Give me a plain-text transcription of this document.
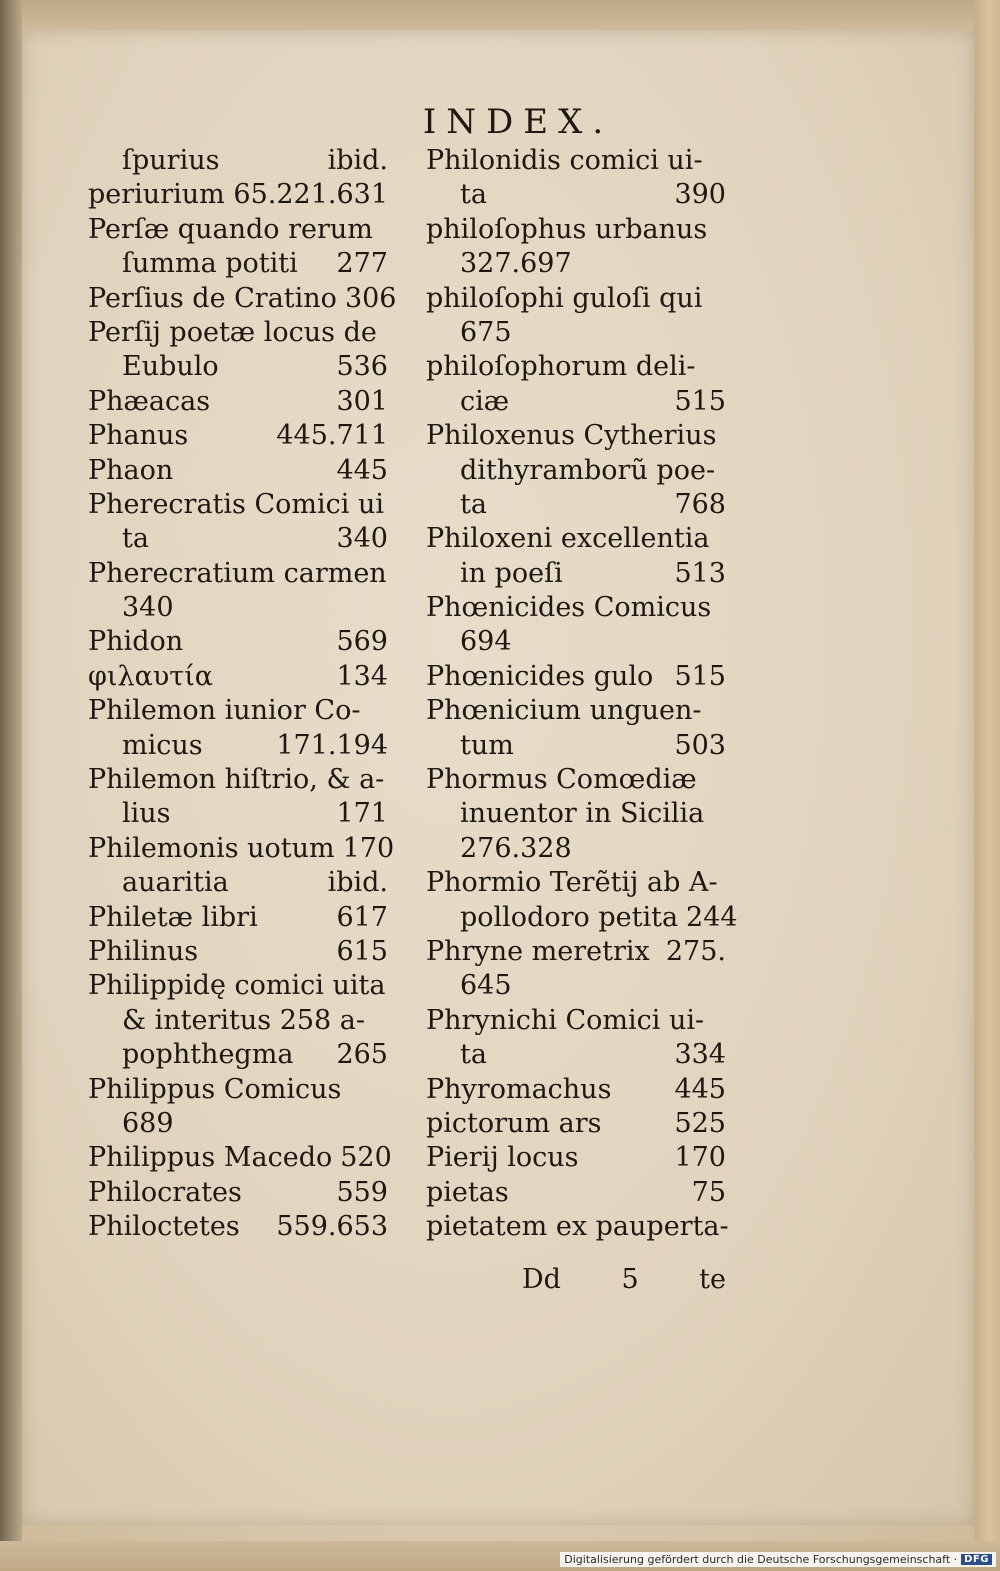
INDEX.
ſpurius	ibid.
periurium 65.221.631
Perſæ quando rerum
ſumma potiti 277
Perſius de Cratino 306
Perſij poetæ locus de
Eubulo	536
Phæacas	301
Phanus	445.711
Phaon	445
Pherecratis Comici ui
ta	340
Pherecratium carmen
340
Phidon	569
φιλαυτία	134
Philemon iunior Co-
micus	171.194
Philemon hiſtrio, & a-
lius	171
Philemonis uotum 170
auaritia	ibid.
Philetæ libri	617
Philinus	615
Philippidę comici uita
& interitus 258 a-
pophthegma 265
Philippus Comicus
689
Philippus Macedo 520
Philocrates	559
Philoctetes 559.653
Philonidis comici ui-
ta	390
philoſophus urbanus
327.697
philoſophi guloſi qui
675
philoſophorum deli-
ciæ	515
Philoxenus Cytherius
dithyramborũ poe-
ta	768
Philoxeni excellentia
in poeſi	513
Phœnicides Comicus
694
Phœnicides gulo 515
Phœnicium unguen-
tum	503
Phormus Comœdiæ
inuentor in Sicilia
276.328
Phormio Terẽtij ab A-
pollodoro petita 244
Phryne meretrix 275.
645
Phrynichi Comici ui-
ta	334
Phyromachus 445
pictorum ars	525
Pierij locus	170
pietas	75
pietatem ex pauperta-
Dd 5 te
Digitalisierung gefördert durch die Deutsche Forschungsgemeinschaft · DFG
